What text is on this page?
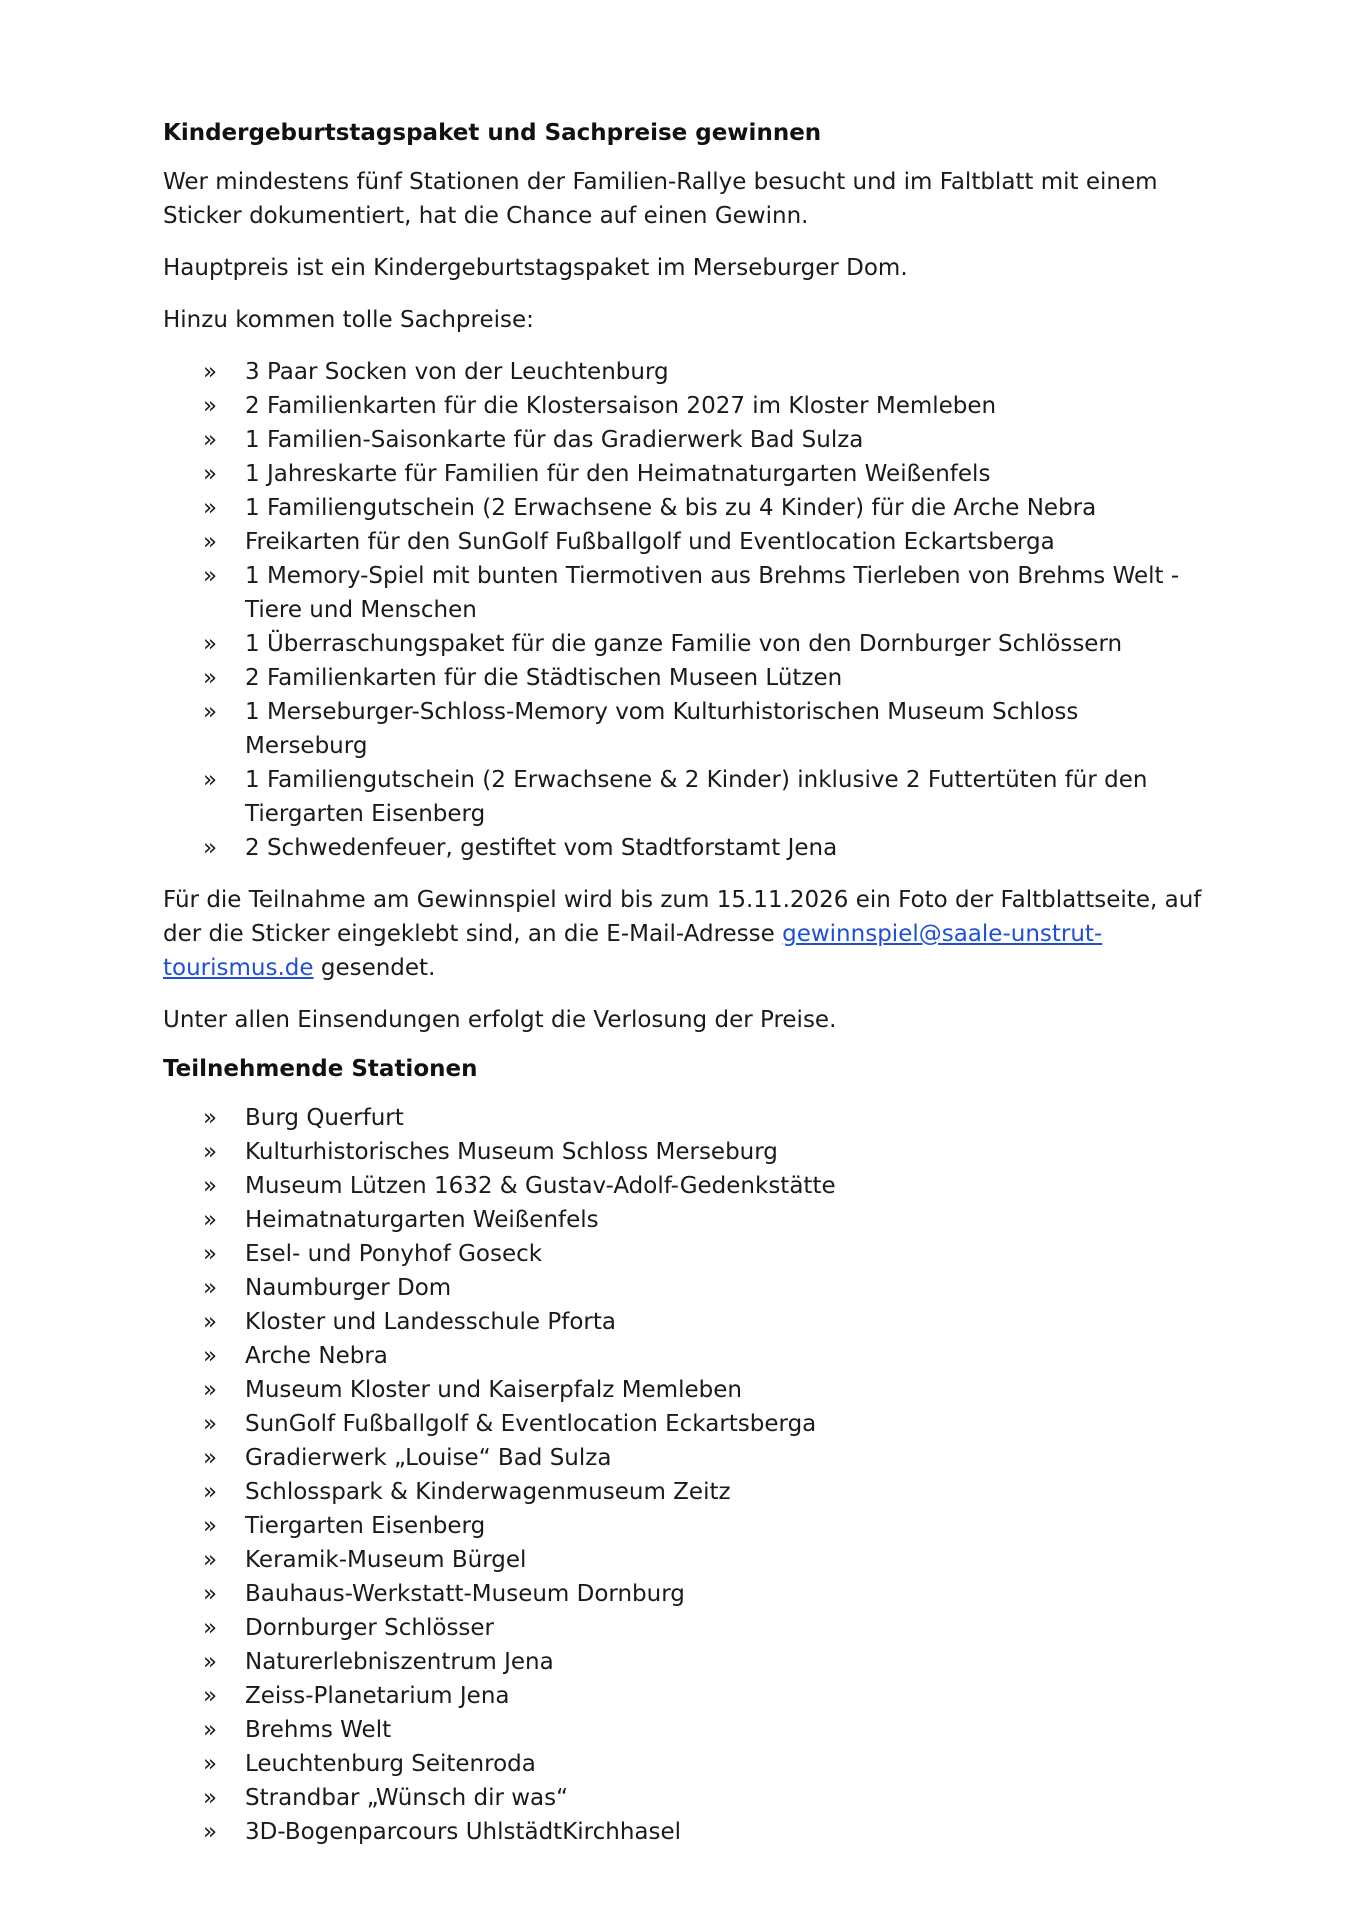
Kindergeburtstagspaket und Sachpreise gewinnen

Wer mindestens fünf Stationen der Familien-Rallye besucht und im Faltblatt mit einem Sticker dokumentiert, hat die Chance auf einen Gewinn.

Hauptpreis ist ein Kindergeburtstagspaket im Merseburger Dom.

Hinzu kommen tolle Sachpreise:

»	3 Paar Socken von der Leuchtenburg
»	2 Familienkarten für die Klostersaison 2027 im Kloster Memleben
»	1 Familien-Saisonkarte für das Gradierwerk Bad Sulza
»	1 Jahreskarte für Familien für den Heimatnaturgarten Weißenfels
»	1 Familiengutschein (2 Erwachsene & bis zu 4 Kinder) für die Arche Nebra
»	Freikarten für den SunGolf Fußballgolf und Eventlocation Eckartsberga
»	1 Memory-Spiel mit bunten Tiermotiven aus Brehms Tierleben von Brehms Welt - Tiere und Menschen
»	1 Überraschungspaket für die ganze Familie von den Dornburger Schlössern
»	2 Familienkarten für die Städtischen Museen Lützen
»	1 Merseburger-Schloss-Memory vom Kulturhistorischen Museum Schloss Merseburg
»	1 Familiengutschein (2 Erwachsene & 2 Kinder) inklusive 2 Futtertüten für den Tiergarten Eisenberg
»	2 Schwedenfeuer, gestiftet vom Stadtforstamt Jena

Für die Teilnahme am Gewinnspiel wird bis zum 15.11.2026 ein Foto der Faltblattseite, auf der die Sticker eingeklebt sind, an die E-Mail-Adresse gewinnspiel@saale-unstrut-tourismus.de gesendet.

Unter allen Einsendungen erfolgt die Verlosung der Preise.

Teilnehmende Stationen
»	Burg Querfurt
»	Kulturhistorisches Museum Schloss Merseburg
»	Museum Lützen 1632 & Gustav-Adolf-Gedenkstätte
»	Heimatnaturgarten Weißenfels
»	Esel- und Ponyhof Goseck
»	Naumburger Dom
»	Kloster und Landesschule Pforta
»	Arche Nebra
»	Museum Kloster und Kaiserpfalz Memleben
»	SunGolf Fußballgolf & Eventlocation Eckartsberga
»	Gradierwerk „Louise“ Bad Sulza
»	Schlosspark & Kinderwagenmuseum Zeitz
»	Tiergarten Eisenberg
»	Keramik-Museum Bürgel
»	Bauhaus-Werkstatt-Museum Dornburg
»	Dornburger Schlösser
»	Naturerlebniszentrum Jena
»	Zeiss-Planetarium Jena
»	Brehms Welt
»	Leuchtenburg Seitenroda
»	Strandbar „Wünsch dir was“
»	3D-Bogenparcours UhlstädtKirchhasel
